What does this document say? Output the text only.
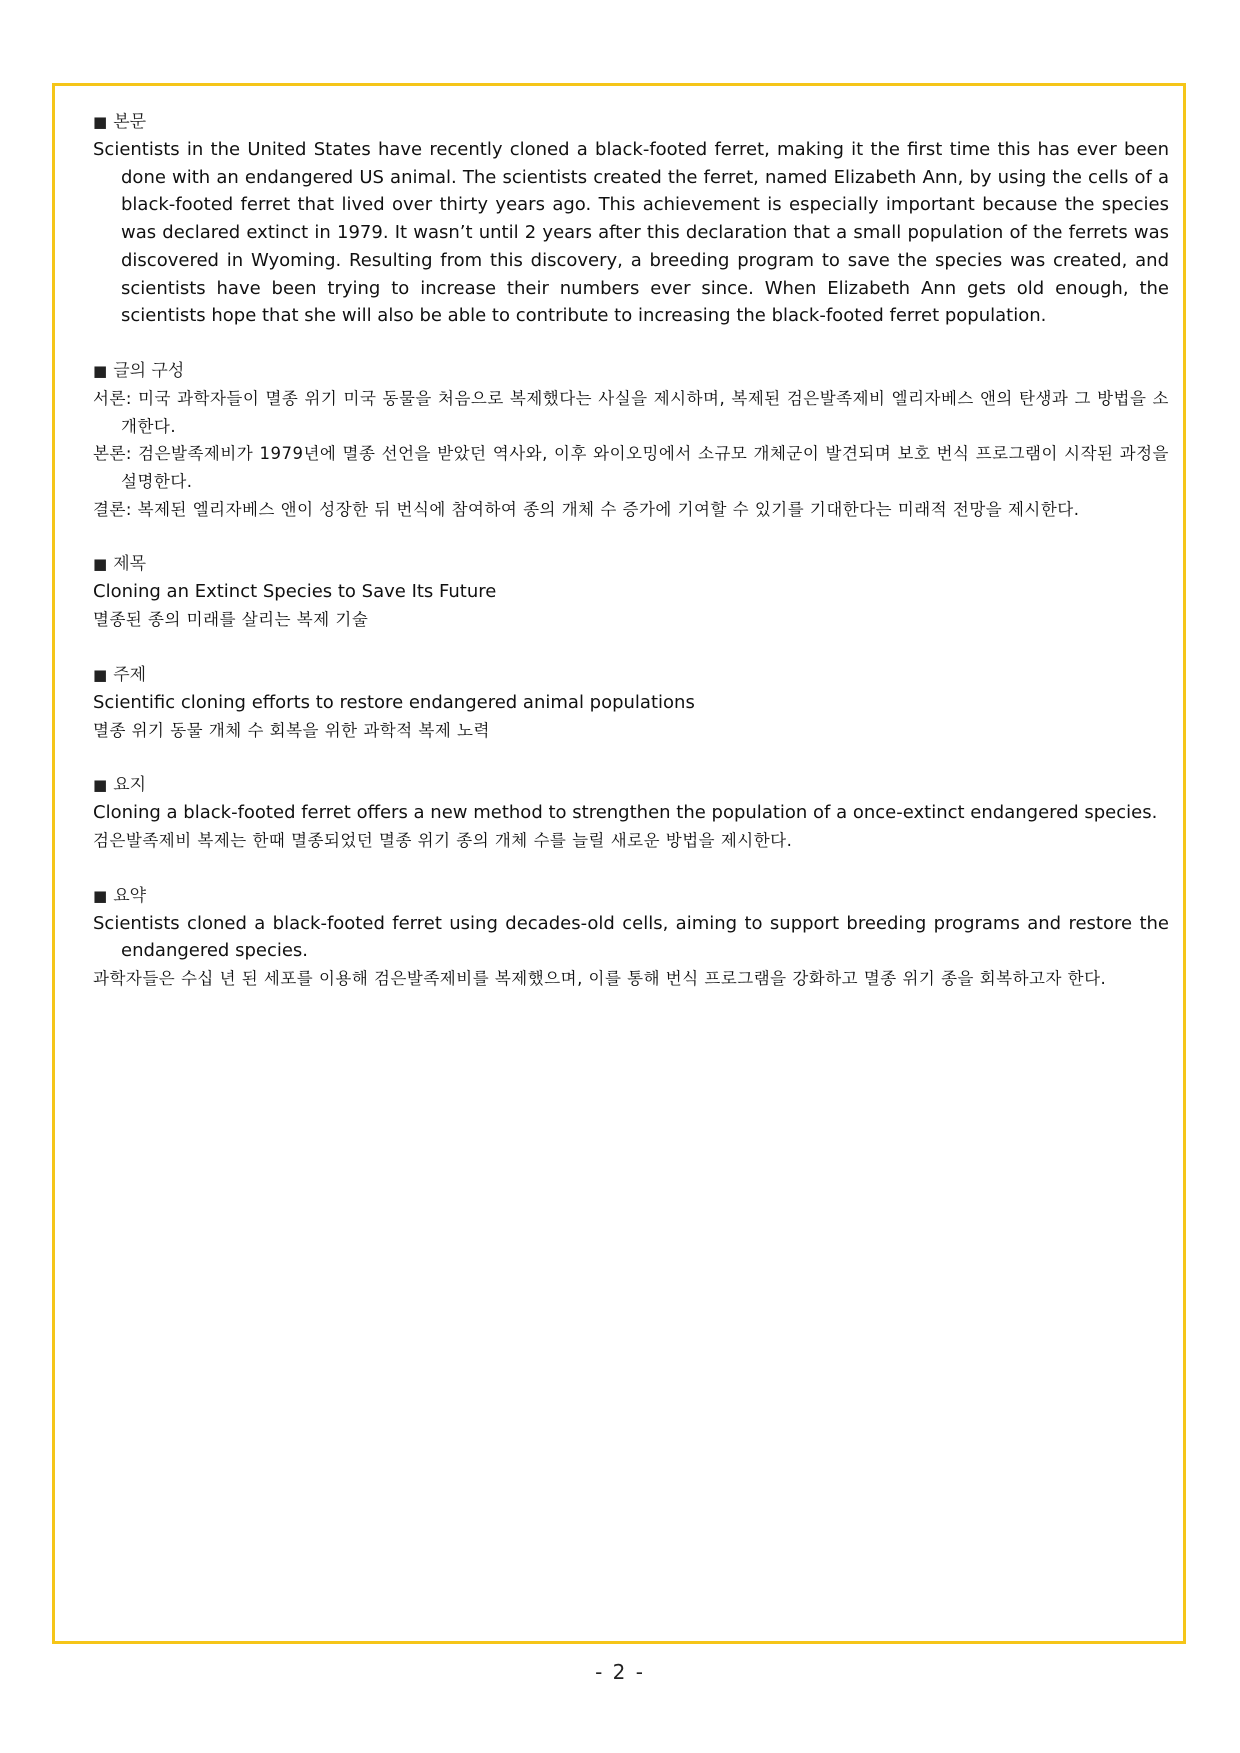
■ 본문

Scientists in the United States have recently cloned a black-footed ferret, making it the first time this has ever been done with an endangered US animal. The scientists created the ferret, named Elizabeth Ann, by using the cells of a black-footed ferret that lived over thirty years ago. This achievement is especially important because the species was declared extinct in 1979. It wasn’t until 2 years after this declaration that a small population of the ferrets was discovered in Wyoming. Resulting from this discovery, a breeding program to save the species was created, and scientists have been trying to increase their numbers ever since. When Elizabeth Ann gets old enough, the scientists hope that she will also be able to contribute to increasing the black-footed ferret population.

■ 글의 구성

서론: 미국 과학자들이 멸종 위기 미국 동물을 처음으로 복제했다는 사실을 제시하며, 복제된 검은발족제비 엘리자베스 앤의 탄생과 그 방법을 소개한다.

본론: 검은발족제비가 1979년에 멸종 선언을 받았던 역사와, 이후 와이오밍에서 소규모 개체군이 발견되며 보호 번식 프로그램이 시작된 과정을 설명한다.

결론: 복제된 엘리자베스 앤이 성장한 뒤 번식에 참여하여 종의 개체 수 증가에 기여할 수 있기를 기대한다는 미래적 전망을 제시한다.

■ 제목

Cloning an Extinct Species to Save Its Future

멸종된 종의 미래를 살리는 복제 기술

■ 주제

Scientific cloning efforts to restore endangered animal populations

멸종 위기 동물 개체 수 회복을 위한 과학적 복제 노력

■ 요지

Cloning a black-footed ferret offers a new method to strengthen the population of a once-extinct endangered species.

검은발족제비 복제는 한때 멸종되었던 멸종 위기 종의 개체 수를 늘릴 새로운 방법을 제시한다.

■ 요약

Scientists cloned a black-footed ferret using decades-old cells, aiming to support breeding programs and restore the endangered species.

과학자들은 수십 년 된 세포를 이용해 검은발족제비를 복제했으며, 이를 통해 번식 프로그램을 강화하고 멸종 위기 종을 회복하고자 한다.

- 2 -
